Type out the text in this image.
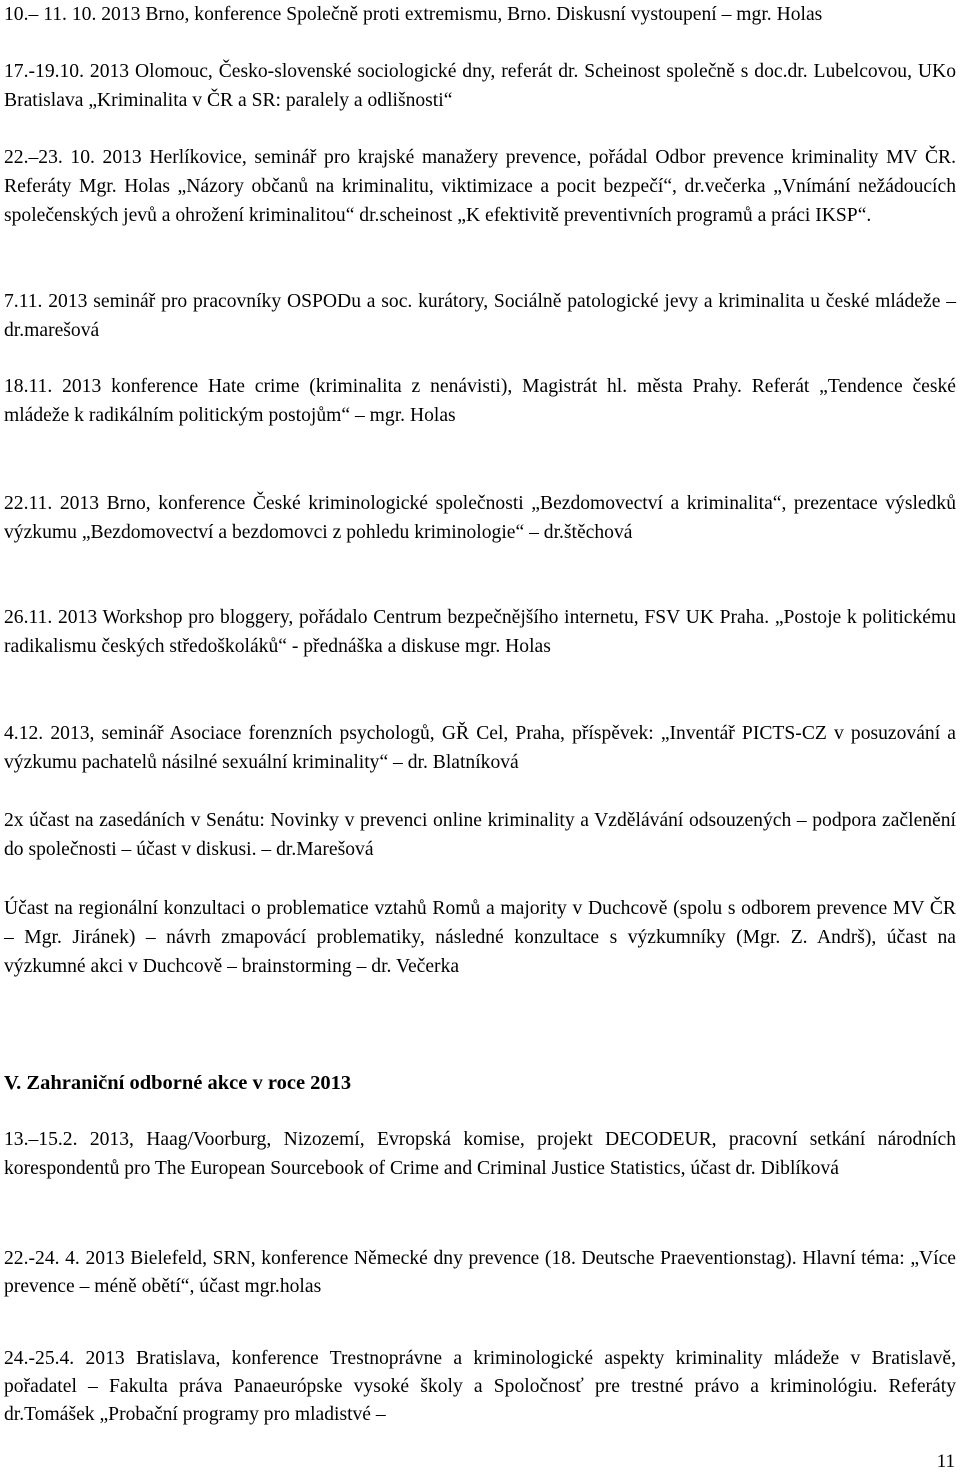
10.– 11. 10. 2013 Brno, konference Společně proti extremismu, Brno. Diskusní vystoupení – mgr. Holas

17.-19.10. 2013 Olomouc, Česko-slovenské sociologické dny, referát dr. Scheinost společně s doc.dr. Lubelcovou, UKo Bratislava „Kriminalita v ČR a SR: paralely a odlišnosti“

22.–23. 10. 2013 Herlíkovice, seminář pro krajské manažery prevence, pořádal Odbor prevence kriminality MV ČR. Referáty Mgr. Holas „Názory občanů na kriminalitu, viktimizace a pocit bezpečí“, dr.večerka „Vnímání nežádoucích společenských jevů a ohrožení kriminalitou“ dr.scheinost „K efektivitě preventivních programů a práci IKSP“.

7.11. 2013 seminář pro pracovníky OSPODu a soc. kurátory, Sociálně patologické jevy a kriminalita u české mládeže – dr.marešová

18.11. 2013 konference Hate crime (kriminalita z nenávisti), Magistrát hl. města Prahy. Referát „Tendence české mládeže k radikálním politickým postojům“ – mgr. Holas

22.11. 2013 Brno, konference České kriminologické společnosti „Bezdomovectví a kriminalita“, prezentace výsledků výzkumu „Bezdomovectví a bezdomovci z pohledu kriminologie“ – dr.štěchová

26.11. 2013 Workshop pro bloggery, pořádalo Centrum bezpečnějšího internetu, FSV UK Praha. „Postoje k politickému radikalismu českých středoškoláků“ - přednáška a diskuse mgr. Holas

4.12. 2013, seminář Asociace forenzních psychologů, GŘ Cel, Praha, příspěvek: „Inventář PICTS-CZ v posuzování a výzkumu pachatelů násilné sexuální kriminality“ – dr. Blatníková

2x účast na zasedáních v Senátu: Novinky v prevenci online kriminality a Vzdělávání odsouzených – podpora začlenění do společnosti – účast v diskusi. – dr.Marešová

Účast na regionální konzultaci o problematice vztahů Romů a majority v Duchcově (spolu s odborem prevence MV ČR – Mgr. Jiránek) – návrh zmapovácí problematiky, následné konzultace s výzkumníky (Mgr. Z. Andrš), účast na výzkumné akci v Duchcově – brainstorming – dr. Večerka

V. Zahraniční odborné akce v roce 2013

13.–15.2. 2013, Haag/Voorburg, Nizozemí, Evropská komise, projekt DECODEUR, pracovní setkání národních korespondentů pro The European Sourcebook of Crime and Criminal Justice Statistics, účast dr. Diblíková

22.-24. 4. 2013 Bielefeld, SRN, konference Německé dny prevence (18. Deutsche Praeventionstag). Hlavní téma: „Více prevence – méně obětí“, účast mgr.holas

24.-25.4. 2013 Bratislava, konference Trestnoprávne a kriminologické aspekty kriminality mládeže v Bratislavě, pořadatel – Fakulta práva Panaeurópske vysoké školy a Spoločnosť pre trestné právo a kriminológiu. Referáty dr.Tomášek „Probační programy pro mladistvé –

11
